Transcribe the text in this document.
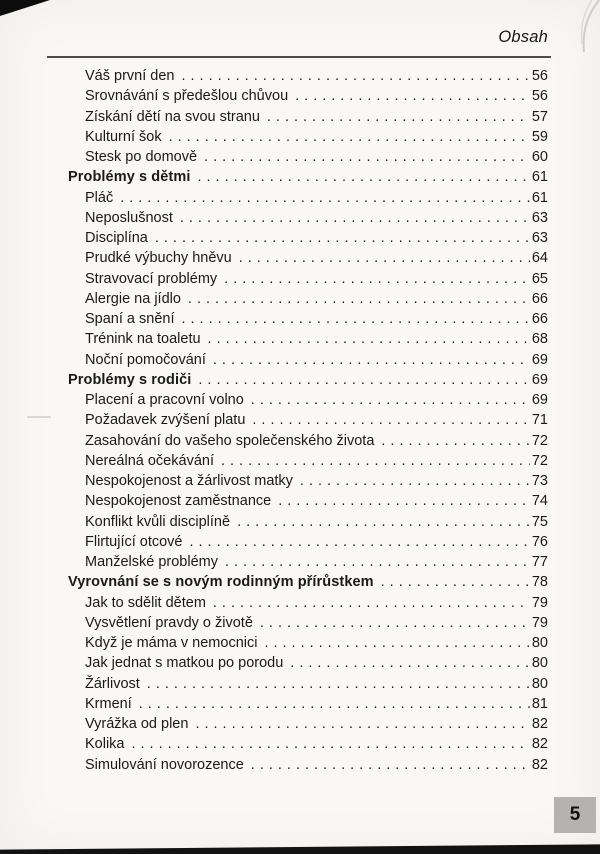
Obsah
Váš první den .....	56
Srovnávání s předešlou chůvou .....	56
Získání dětí na svou stranu .....	57
Kulturní šok .....	59
Stesk po domově .....	60
Problémy s dětmi .....	61
Pláč .....	61
Neposlušnost .....	63
Disciplína .....	63
Prudké výbuchy hněvu .....	64
Stravovací problémy .....	65
Alergie na jídlo .....	66
Spaní a snění .....	66
Trénink na toaletu .....	68
Noční pomočování .....	69
Problémy s rodiči .....	69
Placení a pracovní volno .....	69
Požadavek zvýšení platu .....	71
Zasahování do vašeho společenského života .....	72
Nereálná očekávání .....	72
Nespokojenost a žárlivost matky .....	73
Nespokojenost zaměstnance .....	74
Konflikt kvůli disciplíně .....	75
Flirtující otcové .....	76
Manželské problémy .....	77
Vyrovnání se s novým rodinným přírůstkem .....	78
Jak to sdělit dětem .....	79
Vysvětlení pravdy o životě .....	79
Když je máma v nemocnici .....	80
Jak jednat s matkou po porodu .....	80
Žárlivost .....	80
Krmení .....	81
Vyrážka od plen .....	82
Kolika .....	82
Simulování novorozence .....	82
5
